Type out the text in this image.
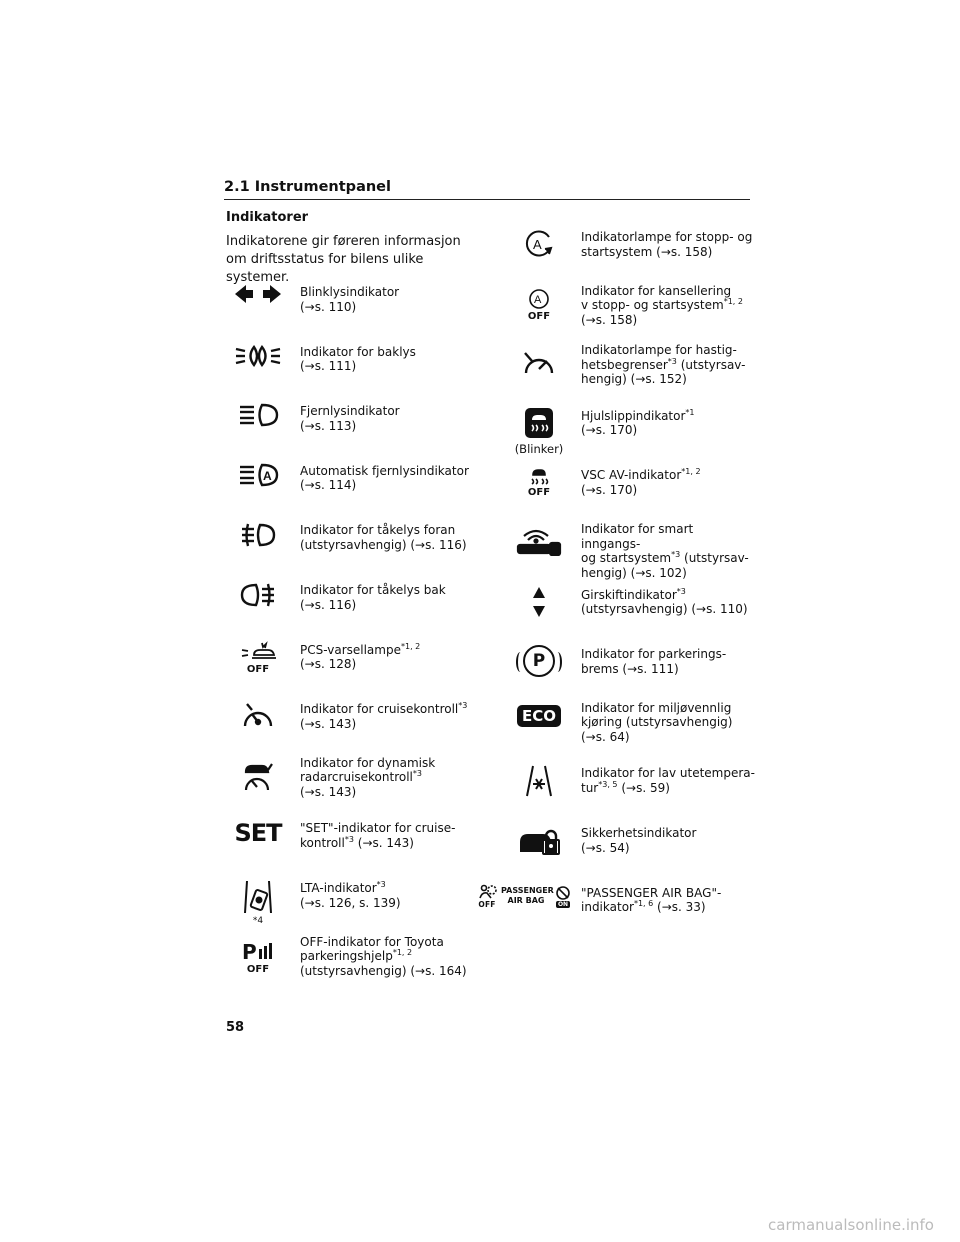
2.1 Instrumentpanel
Indikatorer
Indikatorene gir føreren informasjon om driftsstatus for bilens ulike systemer.
Blinklysindikator
(→s. 110)
Indikator for baklys
(→s. 111)
Fjernlysindikator
(→s. 113)
A Automatisk fjernlysindikator
(→s. 114)
Indikator for tåkelys foran
(utstyrsavhengig) (→s. 116)
Indikator for tåkelys bak
(→s. 116)
OFF
PCS-varsellampe$^{*1, 2}$
(→s. 128)
Indikator for cruisekontroll$^{*3}$
(→s. 143)
Indikator for dynamisk
radarcruisekontroll$^{*3}$
(→s. 143)
SET "SET"-indikator for cruise-
kontroll$^{*3}$ (→s. 143)
*4
LTA-indikator$^{*3}$
(→s. 126, s. 139)
P
OFF
OFF-indikator for Toyota
parkeringshjelp$^{*1, 2}$
(utstyrsavhengig) (→s. 164)
A	Indikatorlampe for stopp- og
startsystem (→s. 158)
A
OFF
Indikator for kansellering
v stopp- og startsystem$^{*1, 2}$
(→s. 158)
Indikatorlampe for hastig-
hetsbegrenser$^{*3}$ (utstyrsav-
hengig) (→s. 152)
(Blinker)
Hjulslippindikator$^{*1}$
(→s. 170)
OFF
VSC AV-indikator$^{*1, 2}$
(→s. 170)
Indikator for smart inngangs-
og startsystem$^{*3}$ (utstyrsav-
hengig) (→s. 102)
Girskiftindikator$^{*3}$
(utstyrsavhengig) (→s. 110)
P	Indikator for parkerings-
brems (→s. 111)
ECO	Indikator for miljøvennlig
kjøring (utstyrsavhengig)
(→s. 64)
Indikator for lav utetempera-
tur$^{*3, 5}$ (→s. 59)
Sikkerhetsindikator
(→s. 54)
OFF
PASSENGER AIR BAG	ON
"PASSENGER AIR BAG"-
indikator$^{*1, 6}$ (→s. 33)
58
carmanualsonline.info
